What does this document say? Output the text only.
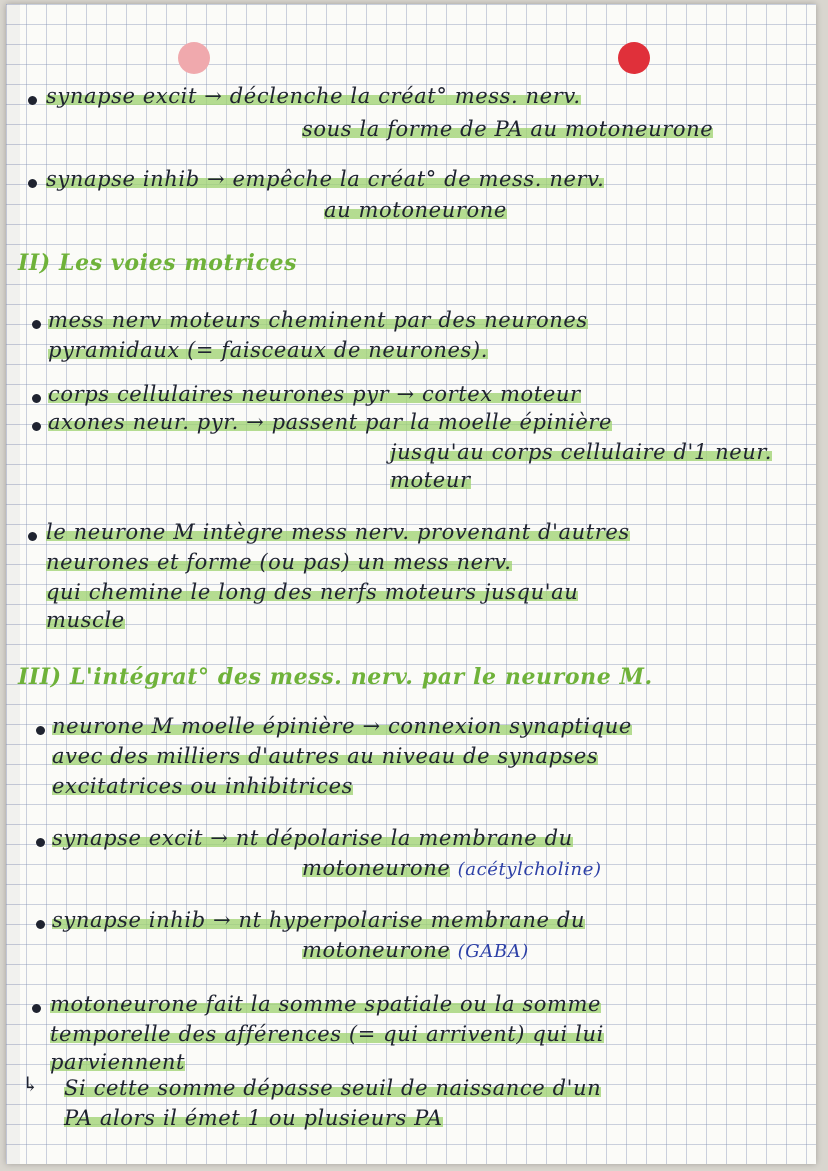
synapse excit → déclenche la créat° mess. nerv.
sous la forme de PA au motoneurone
synapse inhib → empêche la créat° de mess. nerv.
au motoneurone
II) Les voies motrices
mess nerv moteurs cheminent par des neurones
pyramidaux (= faisceaux de neurones).
corps cellulaires neurones pyr → cortex moteur
axones neur. pyr. → passent par la moelle épinière
jusqu'au corps cellulaire d'1 neur.
moteur
le neurone M intègre mess nerv. provenant d'autres
neurones et forme (ou pas) un mess nerv.
qui chemine le long des nerfs moteurs jusqu'au
muscle
III) L'intégrat° des mess. nerv. par le neurone M.
neurone M moelle épinière → connexion synaptique
avec des milliers d'autres au niveau de synapses
excitatrices ou inhibitrices
synapse excit → nt dépolarise la membrane du
motoneurone (acétylcholine)
synapse inhib → nt hyperpolarise membrane du
motoneurone (GABA)
motoneurone fait la somme spatiale ou la somme
temporelle des afférences (= qui arrivent) qui lui
parviennent
↳ Si cette somme dépasse seuil de naissance d'un
PA alors il émet 1 ou plusieurs PA
